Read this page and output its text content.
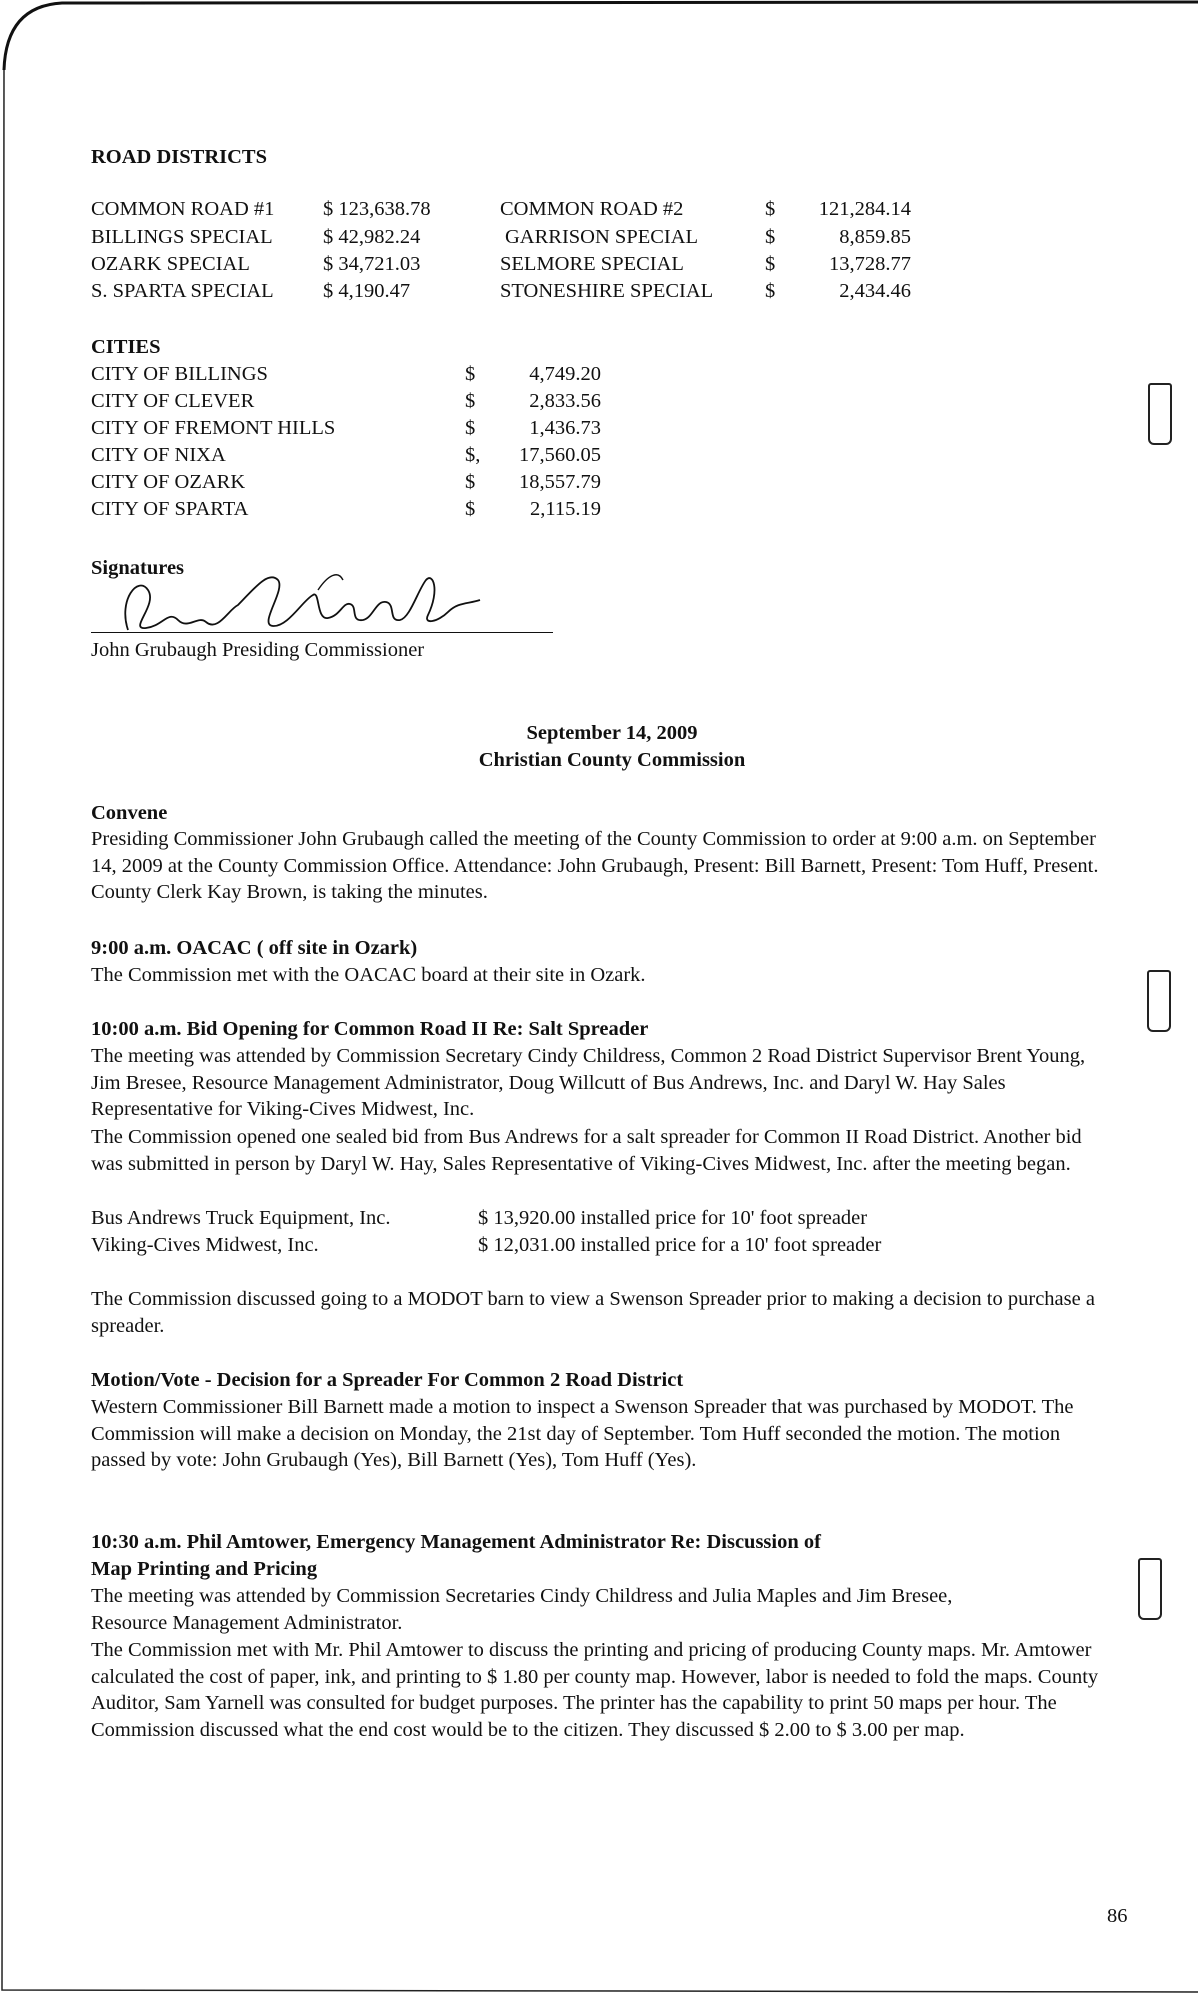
ROAD DISTRICTS
COMMON ROAD #1 $ 123,638.78	COMMON ROAD #2	$	121,284.14
BILLINGS SPECIAL $ 42,982.24	GARRISON SPECIAL	$	8,859.85
OZARK SPECIAL	$ 34,721.03	SELMORE SPECIAL	$	13,728.77
S. SPARTA SPECIAL $ 4,190.47	STONESHIRE SPECIAL	$	2,434.46
CITIES
CITY OF BILLINGS	$	4,749.20
CITY OF CLEVER	$	2,833.56
CITY OF FREMONT HILLS	$	1,436.73
CITY OF NIXA	$,	17,560.05
CITY OF OZARK	$	18,557.79
CITY OF SPARTA	$	2,115.19
Signatures
John Grubaugh Presiding Commissioner
September 14, 2009
Christian County Commission
Convene

Presiding Commissioner John Grubaugh called the meeting of the County Commission to order at 9:00 a.m. on September 14, 2009 at the County Commission Office. Attendance: John Grubaugh, Present: Bill Barnett, Present: Tom Huff, Present. County Clerk Kay Brown, is taking the minutes.

9:00 a.m. OACAC ( off site in Ozark)

The Commission met with the OACAC board at their site in Ozark.

10:00 a.m. Bid Opening for Common Road II Re: Salt Spreader

The meeting was attended by Commission Secretary Cindy Childress, Common 2 Road District Supervisor Brent Young, Jim Bresee, Resource Management Administrator, Doug Willcutt of Bus Andrews, Inc. and Daryl W. Hay Sales Representative for Viking-Cives Midwest, Inc.

The Commission opened one sealed bid from Bus Andrews for a salt spreader for Common II Road District. Another bid was submitted in person by Daryl W. Hay, Sales Representative of Viking-Cives Midwest, Inc. after the meeting began.

Bus Andrews Truck Equipment, Inc.	$ 13,920.00 installed price for 10' foot spreader
Viking-Cives Midwest, Inc.	$ 12,031.00 installed price for a 10' foot spreader

The Commission discussed going to a MODOT barn to view a Swenson Spreader prior to making a decision to purchase a spreader.

Motion/Vote - Decision for a Spreader For Common 2 Road District

Western Commissioner Bill Barnett made a motion to inspect a Swenson Spreader that was purchased by MODOT. The Commission will make a decision on Monday, the 21st day of September. Tom Huff seconded the motion. The motion passed by vote: John Grubaugh (Yes), Bill Barnett (Yes), Tom Huff (Yes).

10:30 a.m. Phil Amtower, Emergency Management Administrator Re: Discussion of
Map Printing and Pricing

The meeting was attended by Commission Secretaries Cindy Childress and Julia Maples and Jim Bresee, Resource Management Administrator.

The Commission met with Mr. Phil Amtower to discuss the printing and pricing of producing County maps. Mr. Amtower calculated the cost of paper, ink, and printing to $ 1.80 per county map. However, labor is needed to fold the maps. County Auditor, Sam Yarnell was consulted for budget purposes. The printer has the capability to print 50 maps per hour. The Commission discussed what the end cost would be to the citizen. They discussed $ 2.00 to $ 3.00 per map.

86
